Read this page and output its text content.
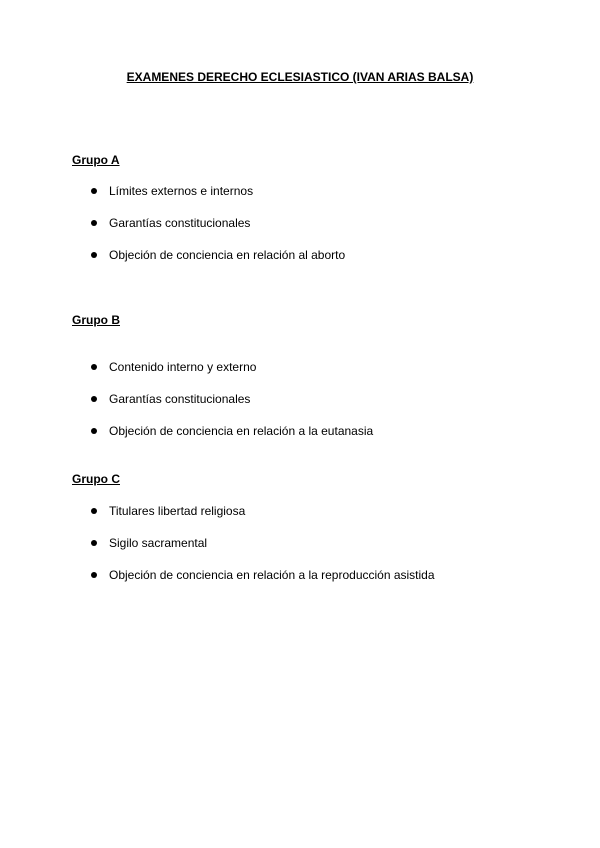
EXAMENES DERECHO ECLESIASTICO (IVAN ARIAS BALSA)
Grupo A
Límites externos e internos
Garantías constitucionales
Objeción de conciencia en relación al aborto
Grupo B
Contenido interno y externo
Garantías constitucionales
Objeción de conciencia en relación a la eutanasia
Grupo C
Titulares libertad religiosa
Sigilo sacramental
Objeción de conciencia en relación a la reproducción asistida
